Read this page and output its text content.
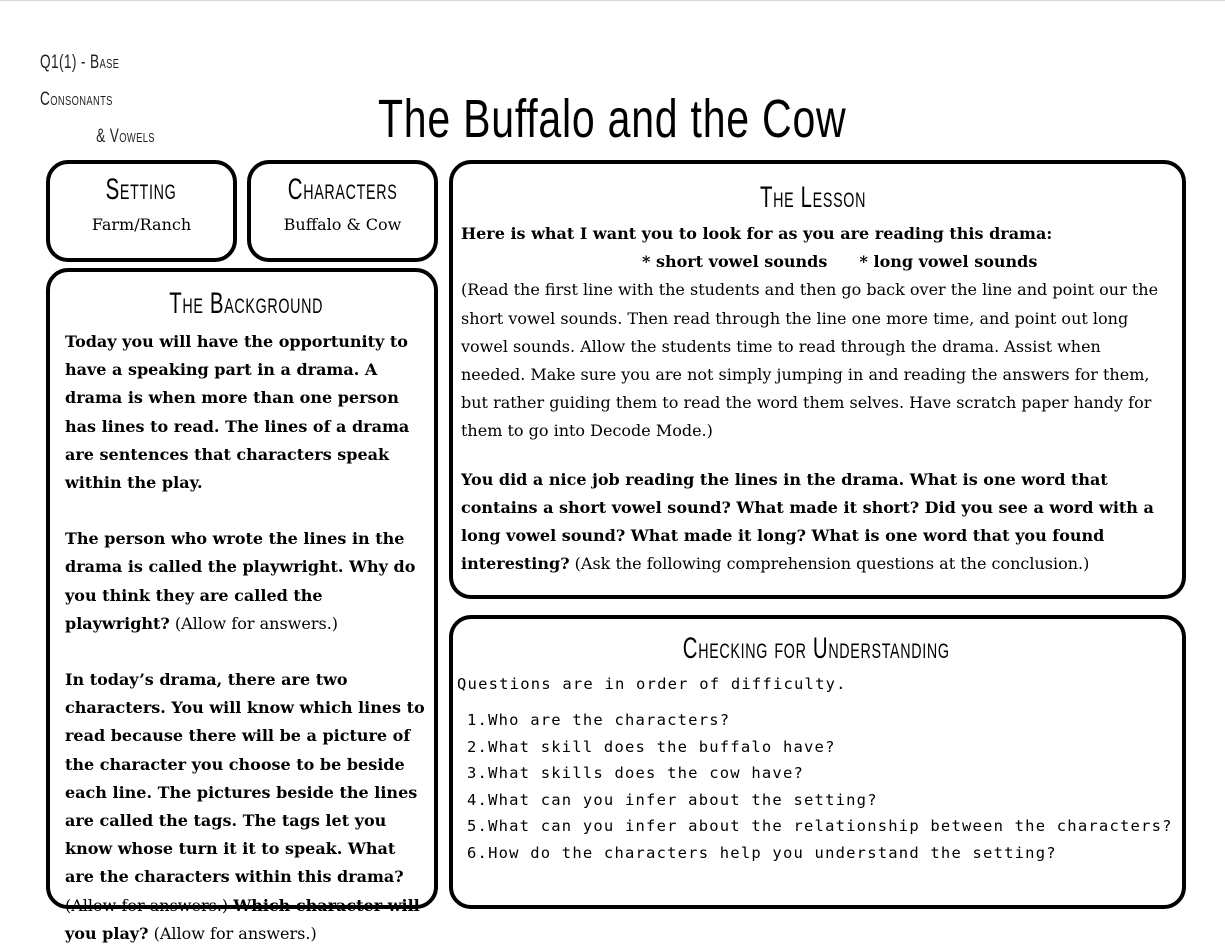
Q1(1) - Base Consonants
& Vowels	The Buffalo and the Cow
Setting
Farm/Ranch
Characters
Buffalo & Cow
The Background

Today you will have the opportunity to have a speaking part in a drama. A drama is when more than one person has lines to read. The lines of a drama are sentences that characters speak within the play.

The person who wrote the lines in the drama is called the playwright. Why do you think they are called the playwright? (Allow for answers.)

In today’s drama, there are two characters. You will know which lines to read because there will be a picture of the character you choose to be beside each line. The pictures beside the lines are called the tags. The tags let you know whose turn it it to speak. What are the characters within this drama? (Allow for answers.) Which character will you play? (Allow for answers.)

The Lesson
Here is what I want you to look for as you are reading this drama:
* short vowel sounds * long vowel sounds
(Read the first line with the students and then go back over the line and point our the short vowel sounds. Then read through the line one more time, and point out long vowel sounds. Allow the students time to read through the drama. Assist when needed. Make sure you are not simply jumping in and reading the answers for them, but rather guiding them to read the word them selves. Have scratch paper handy for them to go into Decode Mode.)
You did a nice job reading the lines in the drama. What is one word that contains a short vowel sound? What made it short? Did you see a word with a long vowel sound? What made it long? What is one word that you found interesting? (Ask the following comprehension questions at the conclusion.)
Checking for Understanding
Questions are in order of difficulty.
1.Who are the characters?
2.What skill does the buffalo have?
3.What skills does the cow have?
4.What can you infer about the setting?
5.What can you infer about the relationship between the characters?
6.How do the characters help you understand the setting?
